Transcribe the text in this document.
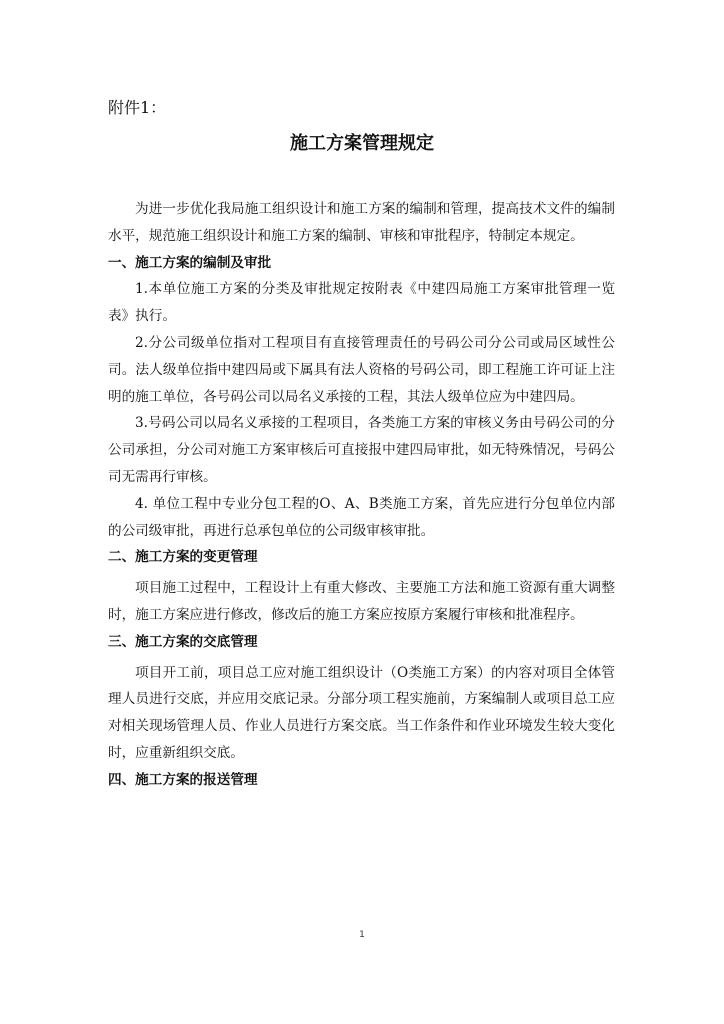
附件1：
施工方案管理规定

为进一步优化我局施工组织设计和施工方案的编制和管理，提高技术文件的编制水平，规范施工组织设计和施工方案的编制、审核和审批程序，特制定本规定。

一、施工方案的编制及审批

1.本单位施工方案的分类及审批规定按附表《中建四局施工方案审批管理一览表》执行。

2.分公司级单位指对工程项目有直接管理责任的号码公司分公司或局区域性公司。法人级单位指中建四局或下属具有法人资格的号码公司，即工程施工许可证上注明的施工单位，各号码公司以局名义承接的工程，其法人级单位应为中建四局。

3.号码公司以局名义承接的工程项目，各类施工方案的审核义务由号码公司的分公司承担，分公司对施工方案审核后可直接报中建四局审批，如无特殊情况，号码公司无需再行审核。

4. 单位工程中专业分包工程的O、A、B类施工方案，首先应进行分包单位内部的公司级审批，再进行总承包单位的公司级审核审批。

二、施工方案的变更管理

项目施工过程中，工程设计上有重大修改、主要施工方法和施工资源有重大调整时，施工方案应进行修改，修改后的施工方案应按原方案履行审核和批准程序。

三、施工方案的交底管理

项目开工前，项目总工应对施工组织设计（O类施工方案）的内容对项目全体管理人员进行交底，并应用交底记录。分部分项工程实施前，方案编制人或项目总工应对相关现场管理人员、作业人员进行方案交底。当工作条件和作业环境发生较大变化时，应重新组织交底。

四、施工方案的报送管理

1
